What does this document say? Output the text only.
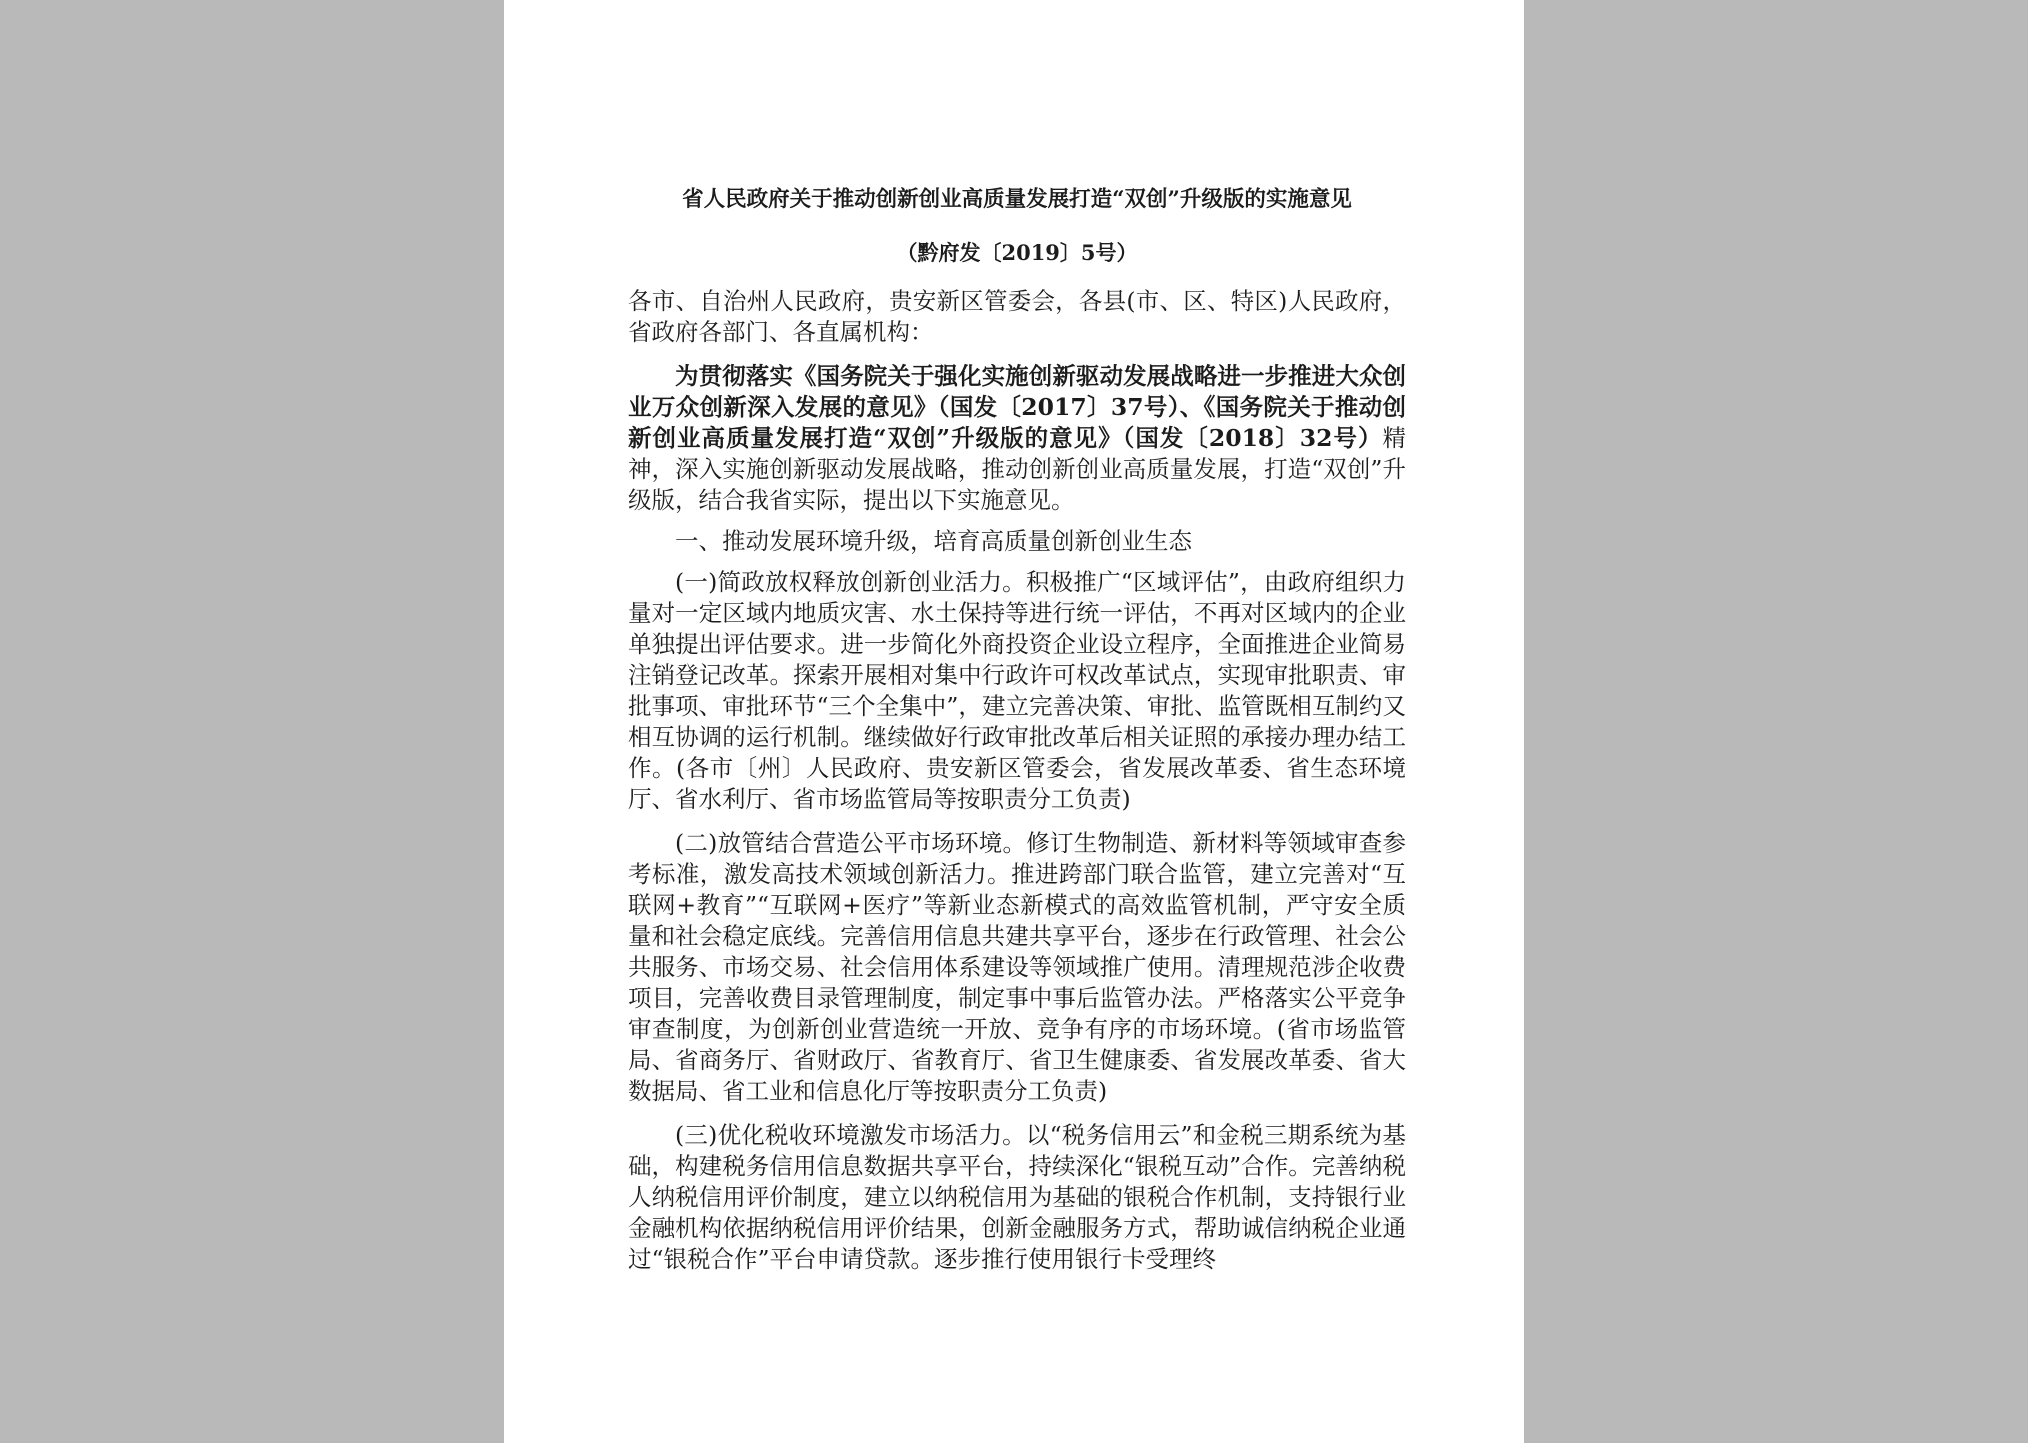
省人民政府关于推动创新创业高质量发展打造“双创”升级版的实施意见
（黔府发〔2019〕5号）

各市、自治州人民政府，贵安新区管委会，各县(市、区、特区)人民政府，省政府各部门、各直属机构：

为贯彻落实《国务院关于强化实施创新驱动发展战略进一步推进大众创业万众创新深入发展的意见》（国发〔2017〕37号）、《国务院关于推动创新创业高质量发展打造“双创”升级版的意见》（国发〔2018〕32号）精神，深入实施创新驱动发展战略，推动创新创业高质量发展，打造“双创”升级版，结合我省实际，提出以下实施意见。

一、推动发展环境升级，培育高质量创新创业生态

(一)简政放权释放创新创业活力。积极推广“区域评估”，由政府组织力量对一定区域内地质灾害、水土保持等进行统一评估，不再对区域内的企业单独提出评估要求。进一步简化外商投资企业设立程序，全面推进企业简易注销登记改革。探索开展相对集中行政许可权改革试点，实现审批职责、审批事项、审批环节“三个全集中”，建立完善决策、审批、监管既相互制约又相互协调的运行机制。继续做好行政审批改革后相关证照的承接办理办结工作。(各市〔州〕人民政府、贵安新区管委会，省发展改革委、省生态环境厅、省水利厅、省市场监管局等按职责分工负责)

(二)放管结合营造公平市场环境。修订生物制造、新材料等领域审查参考标准，激发高技术领域创新活力。推进跨部门联合监管，建立完善对“互联网+教育”“互联网+医疗”等新业态新模式的高效监管机制，严守安全质量和社会稳定底线。完善信用信息共建共享平台，逐步在行政管理、社会公共服务、市场交易、社会信用体系建设等领域推广使用。清理规范涉企收费项目，完善收费目录管理制度，制定事中事后监管办法。严格落实公平竞争审查制度，为创新创业营造统一开放、竞争有序的市场环境。(省市场监管局、省商务厅、省财政厅、省教育厅、省卫生健康委、省发展改革委、省大数据局、省工业和信息化厅等按职责分工负责)

(三)优化税收环境激发市场活力。以“税务信用云”和金税三期系统为基础，构建税务信用信息数据共享平台，持续深化“银税互动”合作。完善纳税人纳税信用评价制度，建立以纳税信用为基础的银税合作机制，支持银行业金融机构依据纳税信用评价结果，创新金融服务方式，帮助诚信纳税企业通过“银税合作”平台申请贷款。逐步推行使用银行卡受理终
